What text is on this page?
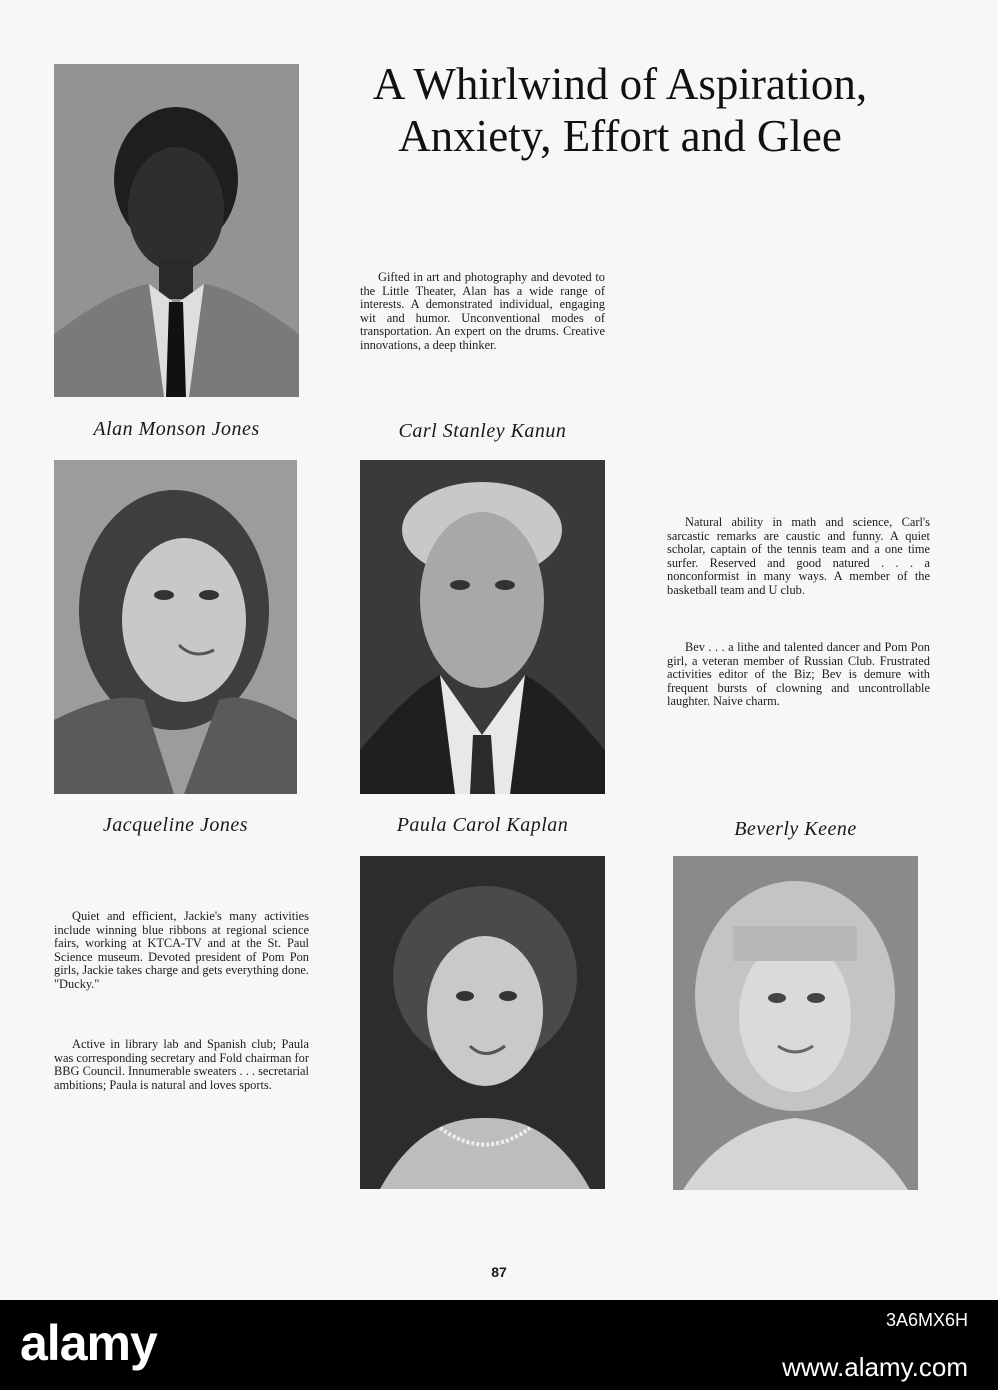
A Whirlwind of Aspiration,
Anxiety, Effort and Glee
Alan Monson Jones

Gifted in art and photography and devoted to the Little Theater, Alan has a wide range of interests. A demonstrated individual, engaging wit and humor. Unconventional modes of transportation. An expert on the drums. Creative innovations, a deep thinker.

Carl Stanley Kanun

Natural ability in math and science, Carl's sarcastic remarks are caustic and funny. A quiet scholar, captain of the tennis team and a one time surfer. Reserved and good natured . . . a nonconformist in many ways. A member of the basketball team and U club.

Jacqueline Jones

Quiet and efficient, Jackie's many activities include winning blue ribbons at regional science fairs, working at KTCA-TV and at the St. Paul Science museum. Devoted president of Pom Pon girls, Jackie takes charge and gets everything done. "Ducky."

Paula Carol Kaplan

Active in library lab and Spanish club; Paula was corresponding secretary and Fold chairman for BBG Council. Innumerable sweaters . . . secretarial ambitions; Paula is natural and loves sports.

Beverly Keene

Bev . . . a lithe and talented dancer and Pom Pon girl, a veteran member of Russian Club. Frustrated activities editor of the Biz; Bev is demure with frequent bursts of clowning and uncontrollable laughter. Naive charm.

87
alamy	3A6MX6H
www.alamy.com
